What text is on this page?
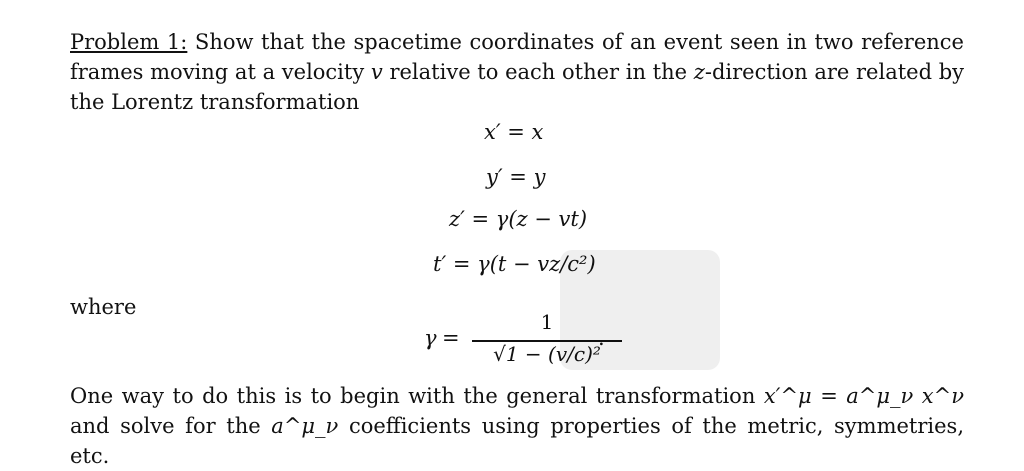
Problem 1: Show that the spacetime coordinates of an event seen in two reference frames moving at a velocity v relative to each other in the z-direction are related by the Lorentz transformation
x′ = x
y′ = y
z′ = γ(z − vt)
t′ = γ(t − vz/c²)
where
γ =
1
√1 − (v/c)²
.
One way to do this is to begin with the general transformation x′^μ = a^μ_ν x^ν and solve for the a^μ_ν coefficients using properties of the metric, symmetries, etc.
